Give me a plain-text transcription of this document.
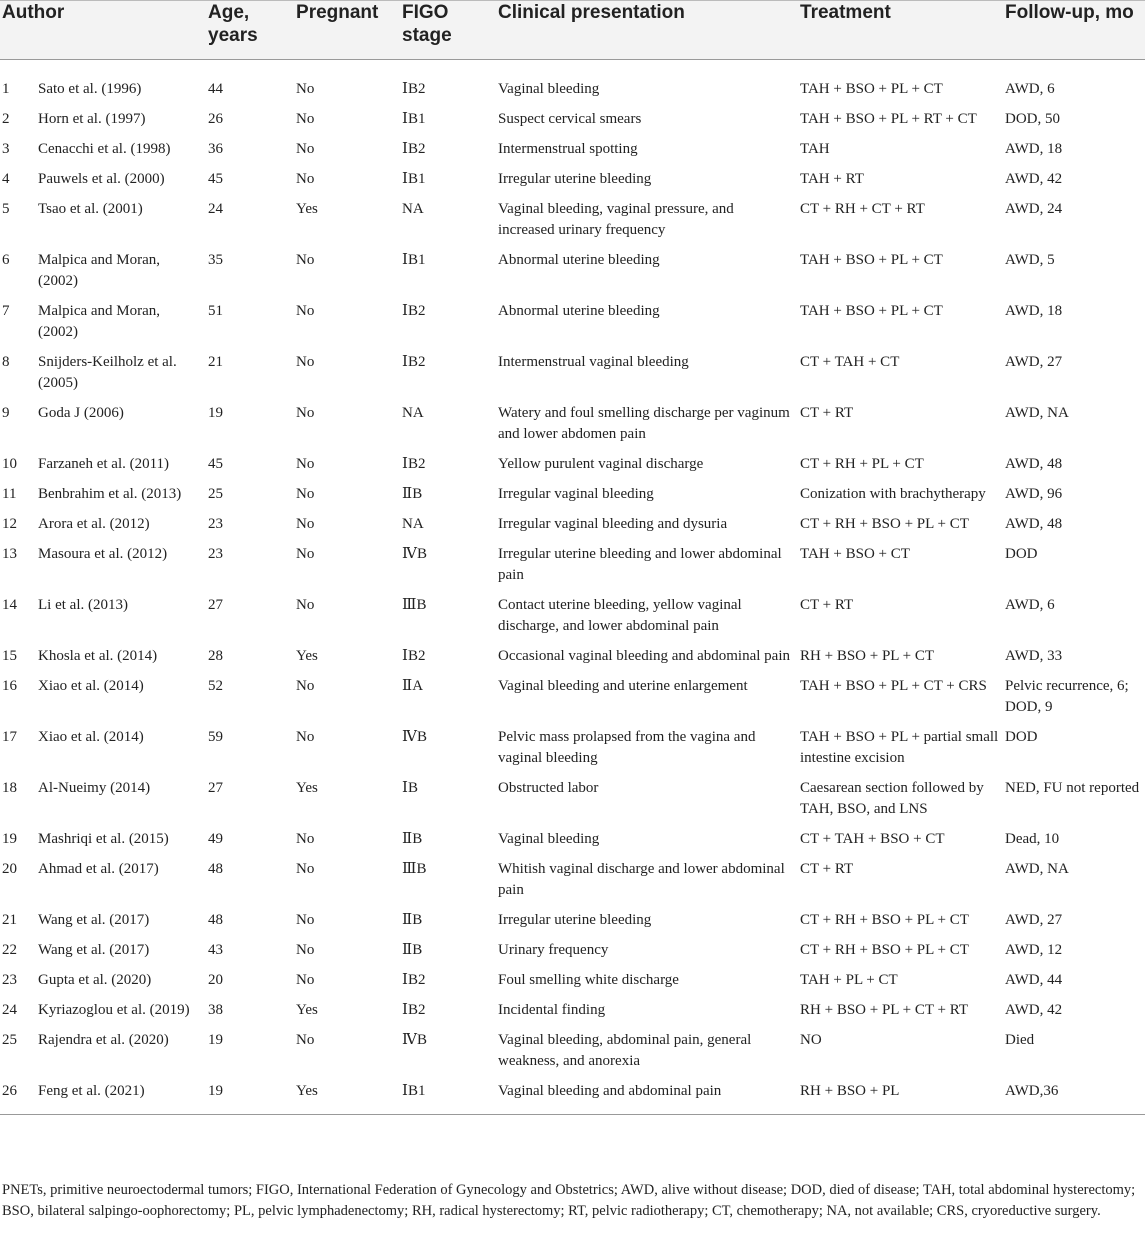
Author		Age, years	Pregnant	FIGO stage	Clinical presentation	Treatment	Follow-up, mo
1	Sato et al. (1996)	44	No	ⅠB2	Vaginal bleeding	TAH + BSO + PL + CT	AWD, 6
2	Horn et al. (1997)	26	No	ⅠB1	Suspect cervical smears	TAH + BSO + PL + RT + CT	DOD, 50
3	Cenacchi et al. (1998)	36	No	ⅠB2	Intermenstrual spotting	TAH	AWD, 18
4	Pauwels et al. (2000)	45	No	ⅠB1	Irregular uterine bleeding	TAH + RT	AWD, 42
5	Tsao et al. (2001)	24	Yes	NA	Vaginal bleeding, vaginal pressure, and increased urinary frequency	CT + RH + CT + RT	AWD, 24
6	Malpica and Moran, (2002)	35	No	ⅠB1	Abnormal uterine bleeding	TAH + BSO + PL + CT	AWD, 5
7	Malpica and Moran, (2002)	51	No	ⅠB2	Abnormal uterine bleeding	TAH + BSO + PL + CT	AWD, 18
8	Snijders-Keilholz et al. (2005)	21	No	ⅠB2	Intermenstrual vaginal bleeding	CT + TAH + CT	AWD, 27
9	Goda J (2006)	19	No	NA	Watery and foul smelling discharge per vaginum and lower abdomen pain	CT + RT	AWD, NA
10	Farzaneh et al. (2011)	45	No	ⅠB2	Yellow purulent vaginal discharge	CT + RH + PL + CT	AWD, 48
11	Benbrahim et al. (2013)	25	No	ⅡB	Irregular vaginal bleeding	Conization with brachytherapy	AWD, 96
12	Arora et al. (2012)	23	No	NA	Irregular vaginal bleeding and dysuria	CT + RH + BSO + PL + CT	AWD, 48
13	Masoura et al. (2012)	23	No	ⅣB	Irregular uterine bleeding and lower abdominal pain	TAH + BSO + CT	DOD
14	Li et al. (2013)	27	No	ⅢB	Contact uterine bleeding, yellow vaginal discharge, and lower abdominal pain	CT + RT	AWD, 6
15	Khosla et al. (2014)	28	Yes	ⅠB2	Occasional vaginal bleeding and abdominal pain	RH + BSO + PL + CT	AWD, 33
16	Xiao et al. (2014)	52	No	ⅡA	Vaginal bleeding and uterine enlargement	TAH + BSO + PL + CT + CRS	Pelvic recurrence, 6; DOD, 9
17	Xiao et al. (2014)	59	No	ⅣB	Pelvic mass prolapsed from the vagina and vaginal bleeding	TAH + BSO + PL + partial small intestine excision	DOD
18	Al-Nueimy (2014)	27	Yes	ⅠB	Obstructed labor	Caesarean section followed by TAH, BSO, and LNS	NED, FU not reported
19	Mashriqi et al. (2015)	49	No	ⅡB	Vaginal bleeding	CT + TAH + BSO + CT	Dead, 10
20	Ahmad et al. (2017)	48	No	ⅢB	Whitish vaginal discharge and lower abdominal pain	CT + RT	AWD, NA
21	Wang et al. (2017)	48	No	ⅡB	Irregular uterine bleeding	CT + RH + BSO + PL + CT	AWD, 27
22	Wang et al. (2017)	43	No	ⅡB	Urinary frequency	CT + RH + BSO + PL + CT	AWD, 12
23	Gupta et al. (2020)	20	No	ⅠB2	Foul smelling white discharge	TAH + PL + CT	AWD, 44
24	Kyriazoglou et al. (2019)	38	Yes	ⅠB2	Incidental finding	RH + BSO + PL + CT + RT	AWD, 42
25	Rajendra et al. (2020)	19	No	ⅣB	Vaginal bleeding, abdominal pain, general weakness, and anorexia	NO	Died
26	Feng et al. (2021)	19	Yes	ⅠB1	Vaginal bleeding and abdominal pain	RH + BSO + PL	AWD,36
PNETs, primitive neuroectodermal tumors; FIGO, International Federation of Gynecology and Obstetrics; AWD, alive without disease; DOD, died of disease; TAH, total abdominal hysterectomy; BSO, bilateral salpingo-oophorectomy; PL, pelvic lymphadenectomy; RH, radical hysterectomy; RT, pelvic radiotherapy; CT, chemotherapy; NA, not available; CRS, cryoreductive surgery.
